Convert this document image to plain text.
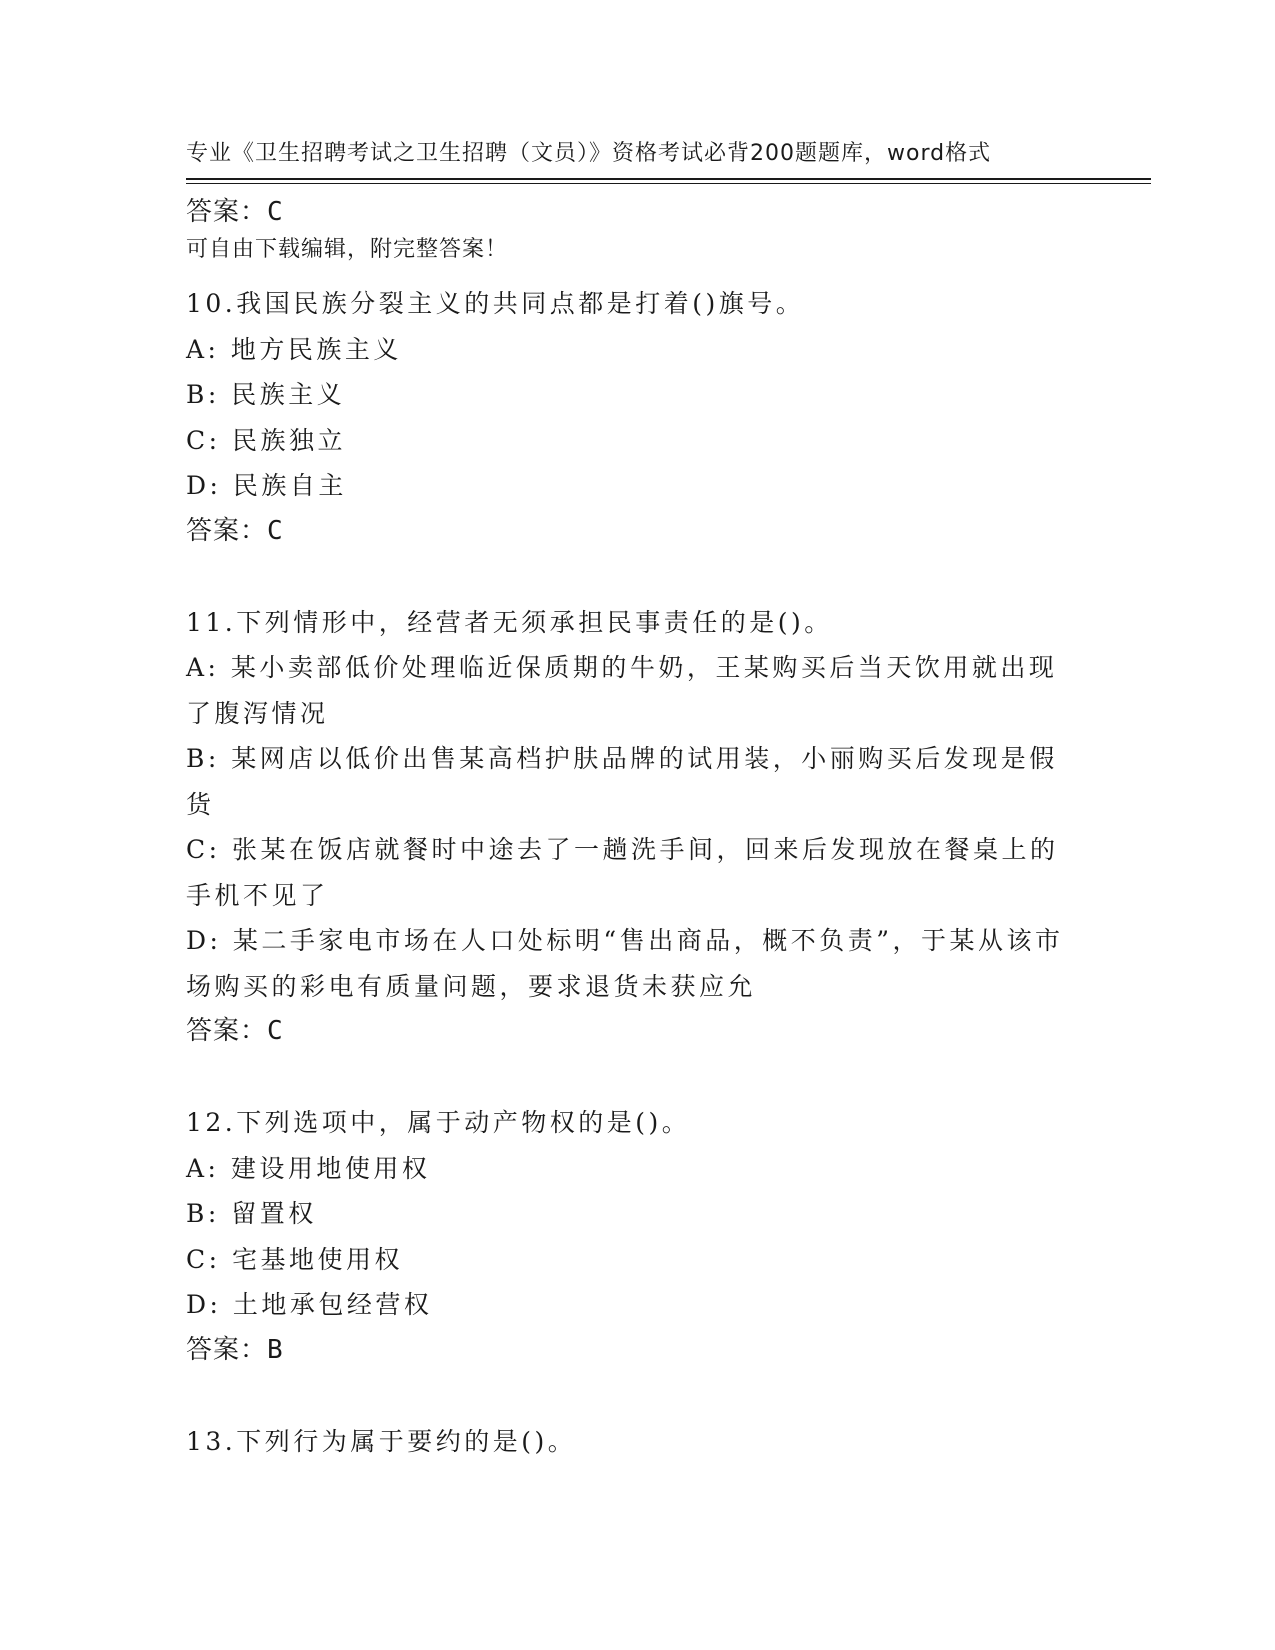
专业《卫生招聘考试之卫生招聘（文员）》资格考试必背200题题库，word格式

可自由下载编辑，附完整答案！

答案：C
10.我国民族分裂主义的共同点都是打着()旗号。
A: 地方民族主义
B: 民族主义
C: 民族独立
D: 民族自主
答案：C
11.下列情形中，经营者无须承担民事责任的是()。
A: 某小卖部低价处理临近保质期的牛奶，王某购买后当天饮用就出现了腹泻情况
B: 某网店以低价出售某高档护肤品牌的试用装，小丽购买后发现是假货
C: 张某在饭店就餐时中途去了一趟洗手间，回来后发现放在餐桌上的手机不见了
D: 某二手家电市场在人口处标明“售出商品，概不负责”，于某从该市场购买的彩电有质量问题，要求退货未获应允
答案：C
12.下列选项中，属于动产物权的是()。
A: 建设用地使用权
B: 留置权
C: 宅基地使用权
D: 土地承包经营权
答案：B
13.下列行为属于要约的是()。
